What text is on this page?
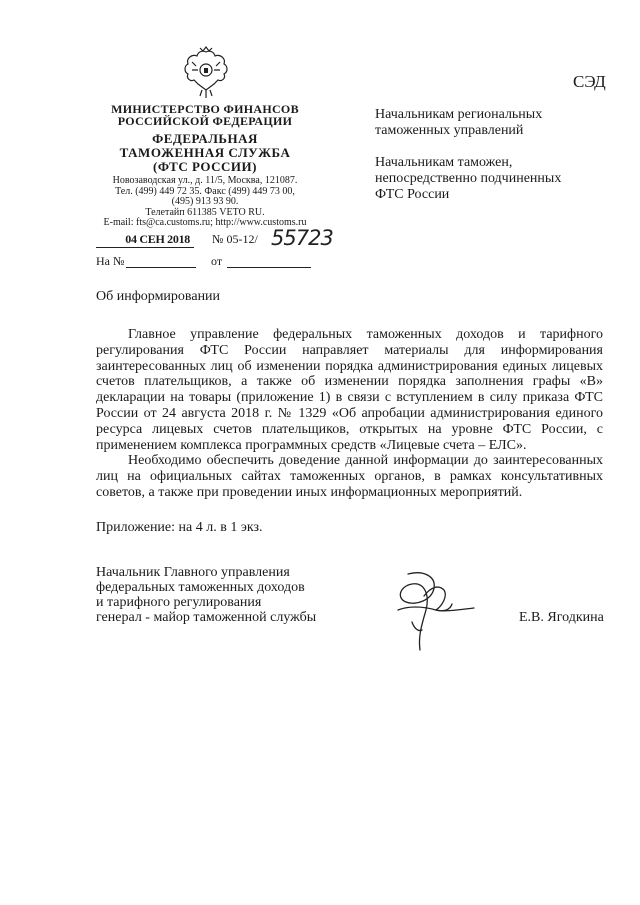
СЭД
МИНИСТЕРСТВО ФИНАНСОВ
РОССИЙСКОЙ ФЕДЕРАЦИИ
ФЕДЕРАЛЬНАЯ
ТАМОЖЕННАЯ СЛУЖБА
(ФТС РОССИИ)
Новозаводская ул., д. 11/5, Москва, 121087.
Тел. (499) 449 72 35. Факс (499) 449 73 00,
(495) 913 93 90.
Телетайп 611385 VETO RU.
E-mail: fts@ca.customs.ru; http://www.customs.ru
Начальникам региональных
таможенных управлений
Начальникам таможен,
непосредственно подчиненных
ФТС России
04 СЕН 2018	№ 05-12/ 55723
На №	от
Об информировании

Главное управление федеральных таможенных доходов и тарифного регулирования ФТС России направляет материалы для информирования заинтересованных лиц об изменении порядка администрирования единых лицевых счетов плательщиков, а также об изменении порядка заполнения графы «В» декларации на товары (приложение 1) в связи с вступлением в силу приказа ФТС России от 24 августа 2018 г. № 1329 «Об апробации администрирования единого ресурса лицевых счетов плательщиков, открытых на уровне ФТС России, с применением комплекса программных средств «Лицевые счета – ЕЛС».

Необходимо обеспечить доведение данной информации до заинтересованных лиц на официальных сайтах таможенных органов, в рамках консультативных советов, а также при проведении иных информационных мероприятий.

Приложение: на 4 л. в 1 экз.
Начальник Главного управления
федеральных таможенных доходов
и тарифного регулирования
генерал - майор таможенной службы	Е.В. Ягодкина
